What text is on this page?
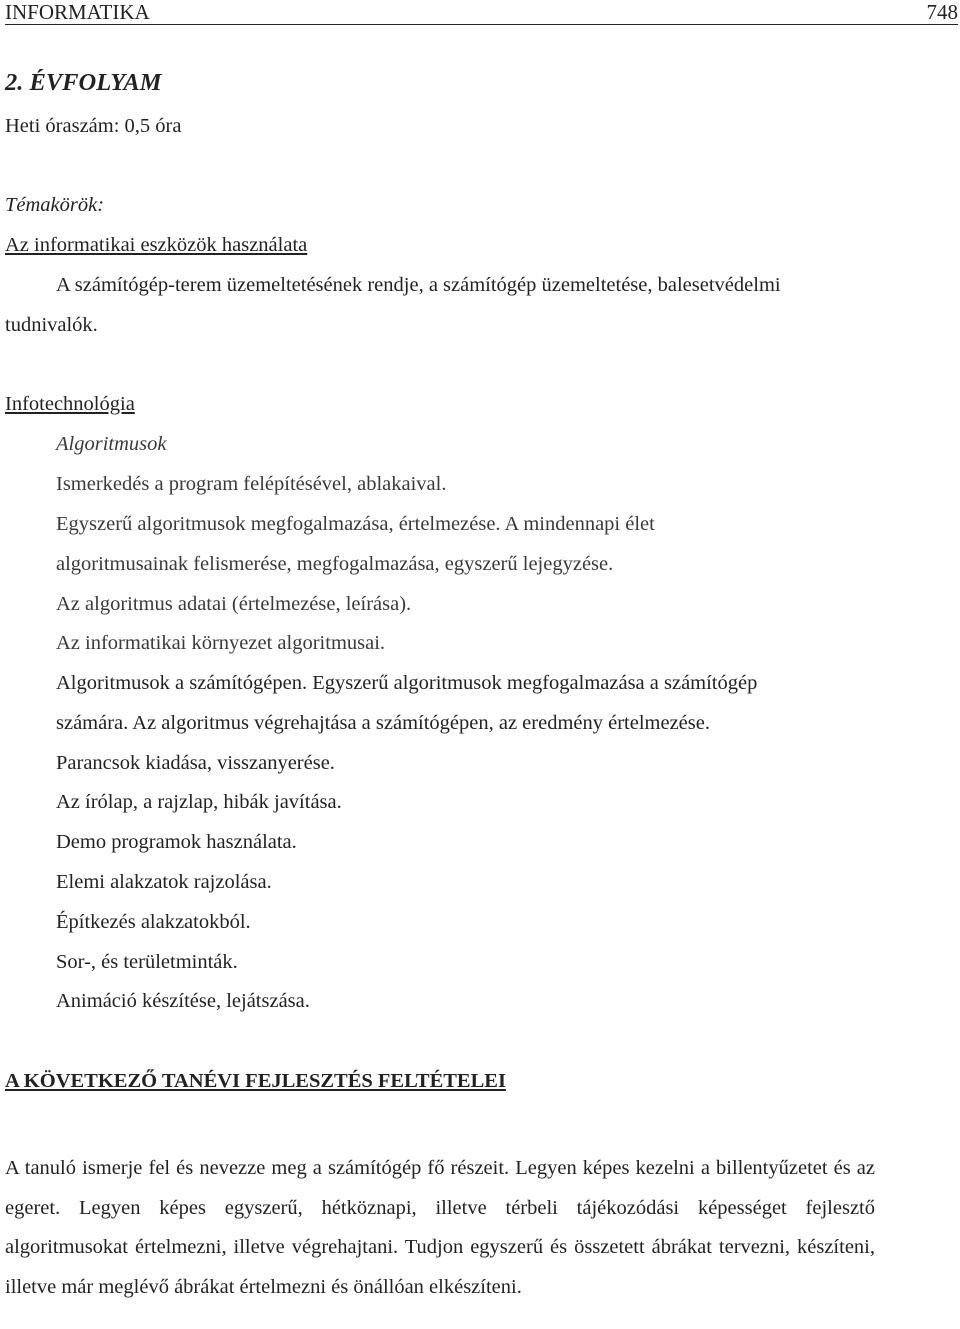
INFORMATIKA	748
2. ÉVFOLYAM
Heti óraszám: 0,5 óra
Témakörök:
Az informatikai eszközök használata
A számítógép-terem üzemeltetésének rendje, a számítógép üzemeltetése, balesetvédelmi
tudnivalók.
Infotechnológia
Algoritmusok
Ismerkedés a program felépítésével, ablakaival.
Egyszerű algoritmusok megfogalmazása, értelmezése. A mindennapi élet
algoritmusainak felismerése, megfogalmazása, egyszerű lejegyzése.
Az algoritmus adatai (értelmezése, leírása).
Az informatikai környezet algoritmusai.
Algoritmusok a számítógépen. Egyszerű algoritmusok megfogalmazása a számítógép
számára. Az algoritmus végrehajtása a számítógépen, az eredmény értelmezése.
Parancsok kiadása, visszanyerése.
Az írólap, a rajzlap, hibák javítása.
Demo programok használata.
Elemi alakzatok rajzolása.
Építkezés alakzatokból.
Sor-, és területminták.
Animáció készítése, lejátszása.
A KÖVETKEZŐ TANÉVI FEJLESZTÉS FELTÉTELEI
A tanuló ismerje fel és nevezze meg a számítógép fő részeit. Legyen képes kezelni a billentyűzetet és az egeret. Legyen képes egyszerű, hétköznapi, illetve térbeli tájékozódási képességet fejlesztő algoritmusokat értelmezni, illetve végrehajtani. Tudjon egyszerű és összetett ábrákat tervezni, készíteni, illetve már meglévő ábrákat értelmezni és önállóan elkészíteni.
